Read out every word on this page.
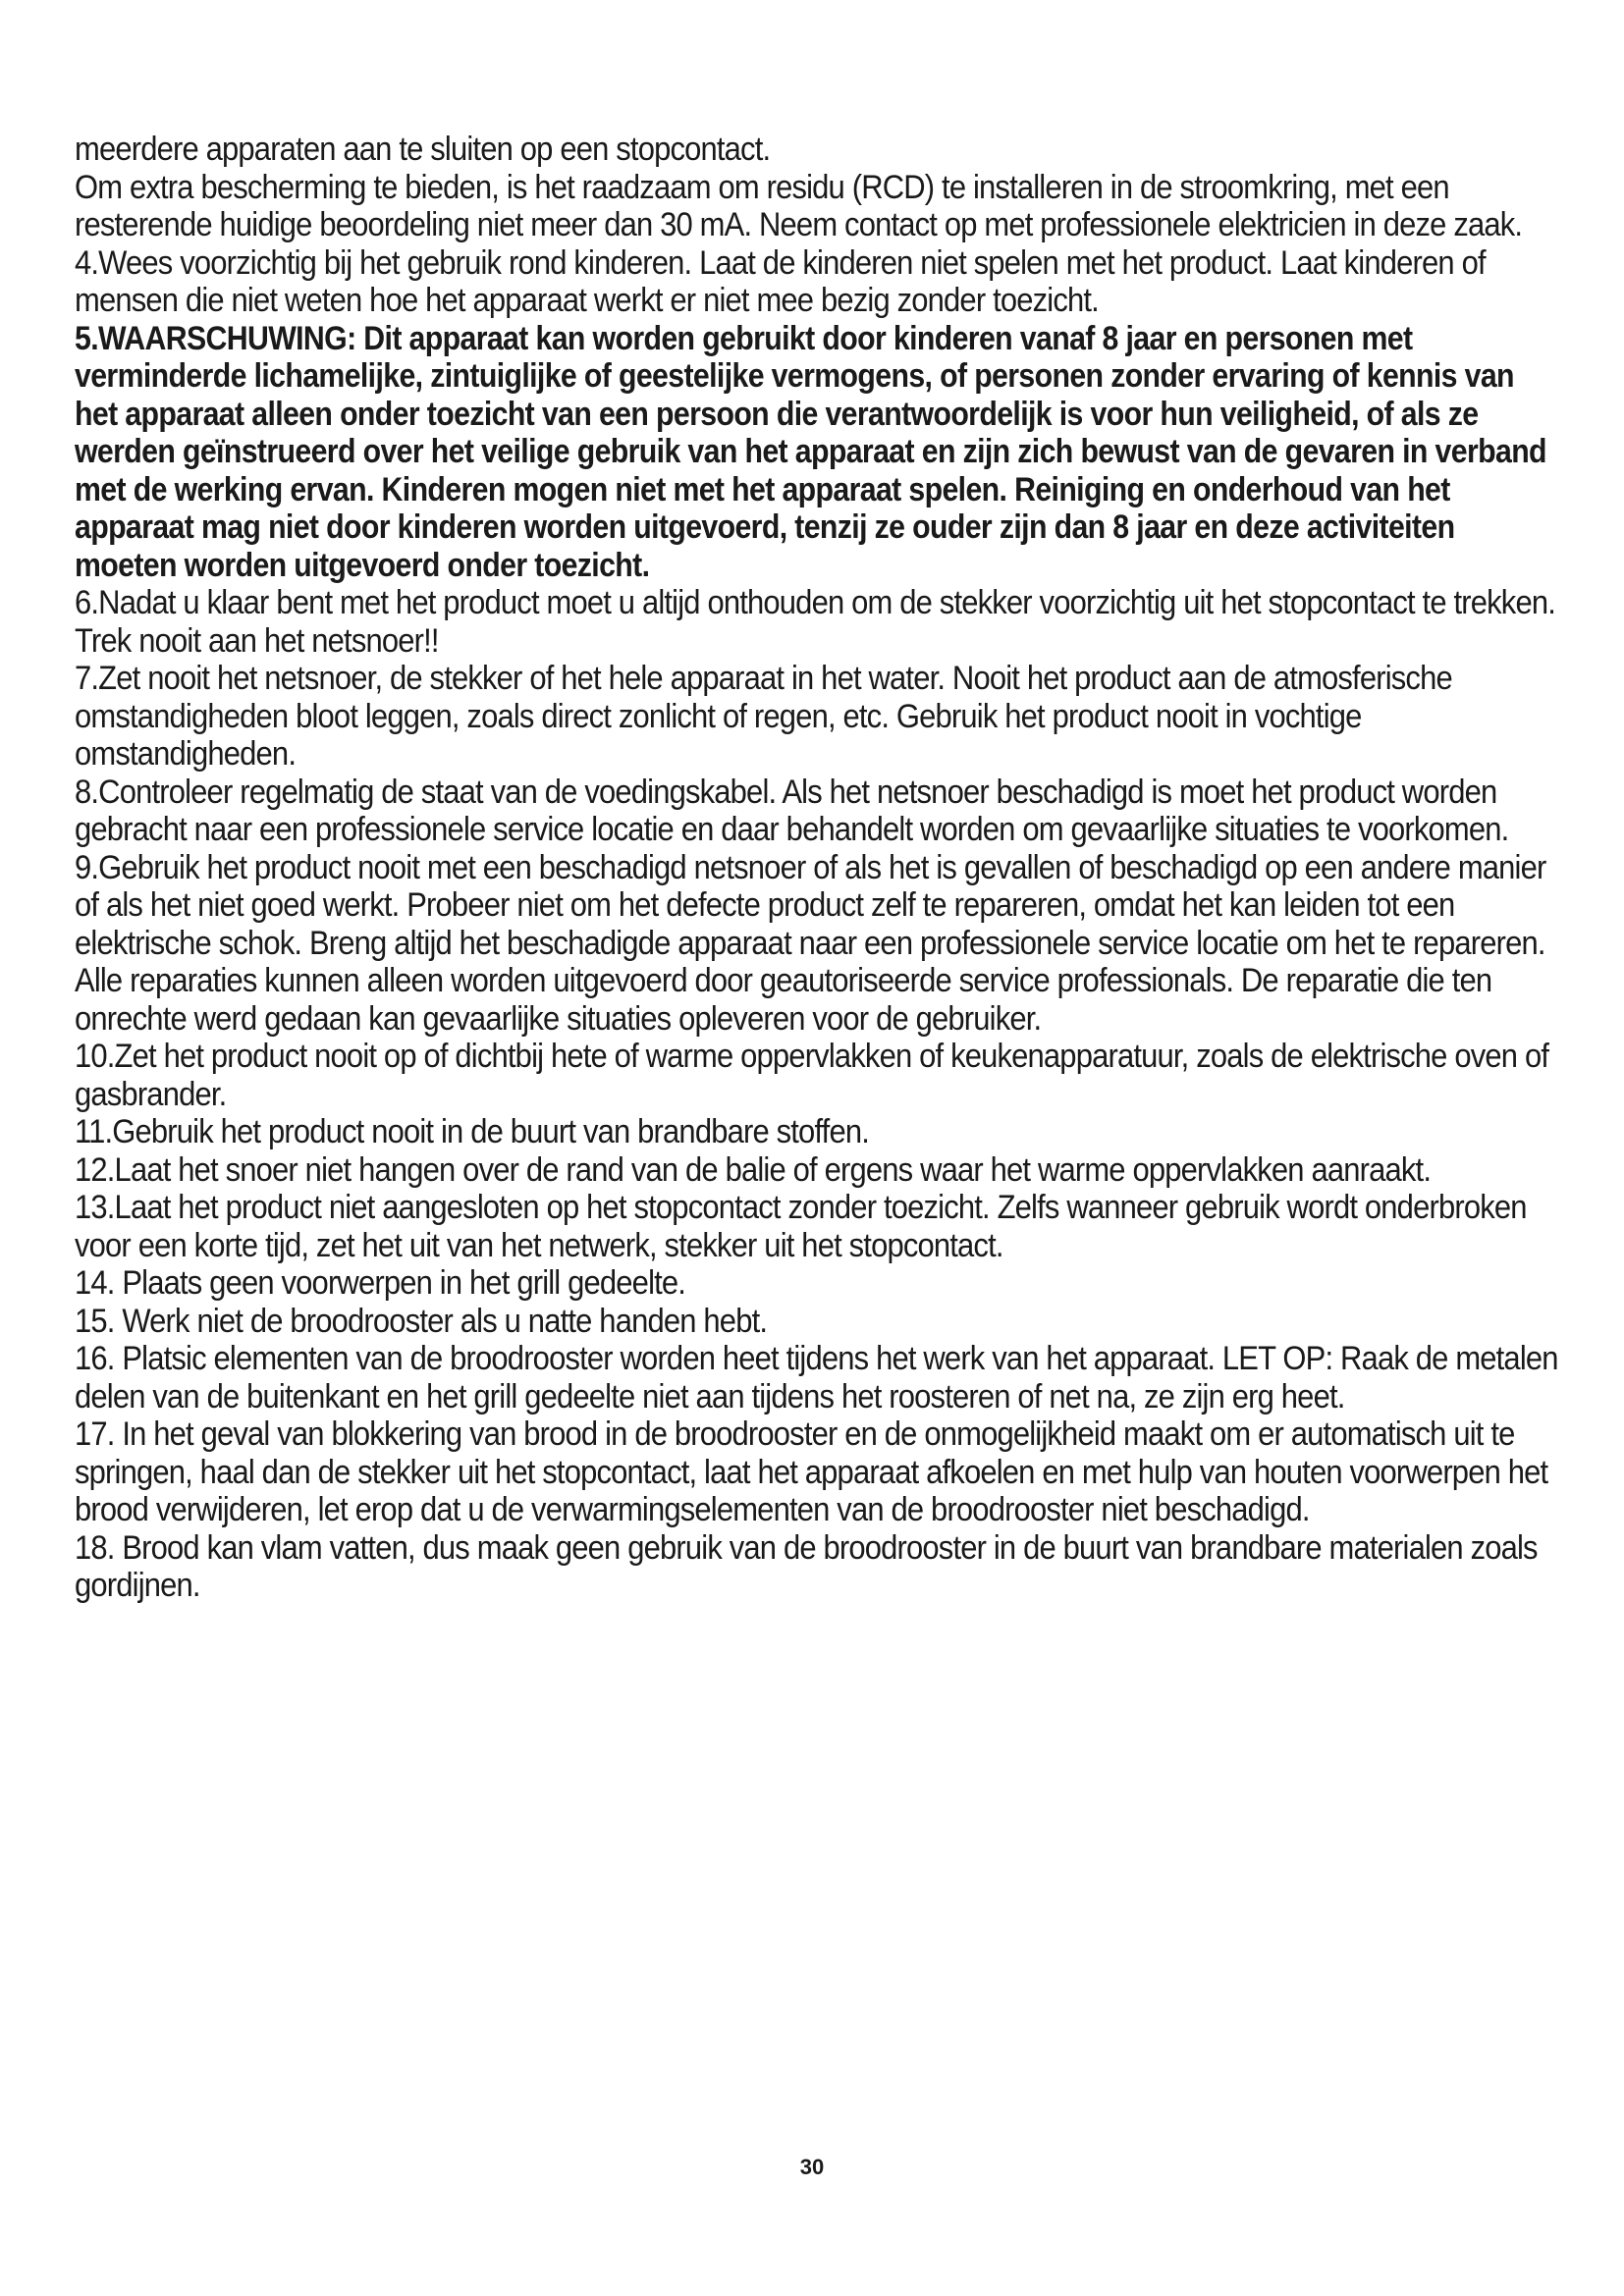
meerdere apparaten aan te sluiten op een stopcontact.

Om extra bescherming te bieden, is het raadzaam om residu (RCD) te installeren in de stroomkring, met een resterende huidige beoordeling niet meer dan 30 mA. Neem contact op met professionele elektricien in deze zaak.

4.Wees voorzichtig bij het gebruik rond kinderen. Laat de kinderen niet spelen met het product. Laat kinderen of mensen die niet weten hoe het apparaat werkt er niet mee bezig zonder toezicht.

5.WAARSCHUWING: Dit apparaat kan worden gebruikt door kinderen vanaf 8 jaar en personen met verminderde lichamelijke, zintuiglijke of geestelijke vermogens, of personen zonder ervaring of kennis van het apparaat alleen onder toezicht van een persoon die verantwoordelijk is voor hun veiligheid, of als ze werden geïnstrueerd over het veilige gebruik van het apparaat en zijn zich bewust van de gevaren in verband met de werking ervan. Kinderen mogen niet met het apparaat spelen. Reiniging en onderhoud van het apparaat mag niet door kinderen worden uitgevoerd, tenzij ze ouder zijn dan 8 jaar en deze activiteiten moeten worden uitgevoerd onder toezicht.

6.Nadat u klaar bent met het product moet u altijd onthouden om de stekker voorzichtig uit het stopcontact te trekken. Trek nooit aan het netsnoer!!

7.Zet nooit het netsnoer, de stekker of het hele apparaat in het water. Nooit het product aan de atmosferische omstandigheden bloot leggen, zoals direct zonlicht of regen, etc. Gebruik het product nooit in vochtige omstandigheden.

8.Controleer regelmatig de staat van de voedingskabel. Als het netsnoer beschadigd is moet het product worden gebracht naar een professionele service locatie en daar behandelt worden om gevaarlijke situaties te voorkomen.

9.Gebruik het product nooit met een beschadigd netsnoer of als het is gevallen of beschadigd op een andere manier of als het niet goed werkt. Probeer niet om het defecte product zelf te repareren, omdat het kan leiden tot een elektrische schok. Breng altijd het beschadigde apparaat naar een professionele service locatie om het te repareren. Alle reparaties kunnen alleen worden uitgevoerd door geautoriseerde service professionals. De reparatie die ten onrechte werd gedaan kan gevaarlijke situaties opleveren voor de gebruiker.

10.Zet het product nooit op of dichtbij hete of warme oppervlakken of keukenapparatuur, zoals de elektrische oven of gasbrander.

11.Gebruik het product nooit in de buurt van brandbare stoffen.

12.Laat het snoer niet hangen over de rand van de balie of ergens waar het warme oppervlakken aanraakt.

13.Laat het product niet aangesloten op het stopcontact zonder toezicht. Zelfs wanneer gebruik wordt onderbroken voor een korte tijd, zet het uit van het netwerk, stekker uit het stopcontact.

14. Plaats geen voorwerpen in het grill gedeelte.

15. Werk niet de broodrooster als u natte handen hebt.

16. Platsic elementen van de broodrooster worden heet tijdens het werk van het apparaat. LET OP: Raak de metalen delen van de buitenkant en het grill gedeelte niet aan tijdens het roosteren of net na, ze zijn erg heet.

17. In het geval van blokkering van brood in de broodrooster en de onmogelijkheid maakt om er automatisch uit te springen, haal dan de stekker uit het stopcontact, laat het apparaat afkoelen en met hulp van houten voorwerpen het brood verwijderen, let erop dat u de verwarmingselementen van de broodrooster niet beschadigd.

18. Brood kan vlam vatten, dus maak geen gebruik van de broodrooster in de buurt van brandbare materialen zoals gordijnen.

30
